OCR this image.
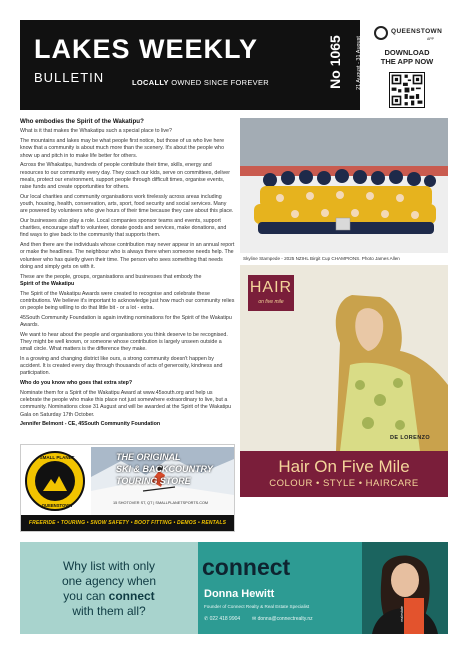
LAKES WEEKLY
BULLETIN	LOCALLY OWNED SINCE FOREVER	No 1065 21 August - 31 August
QUEENSTOWN
APP
DOWNLOAD
THE APP NOW

Who embodies the Spirit of the Wakatipu?

What is it that makes the Whakatipu such a special place to live?

The mountains and lakes may be what people first notice, but those of us who live here know that a community is about much more than the scenery. It's about the people who show up and pitch in to make life better for others.

Across the Whakatipu, hundreds of people contribute their time, skills, energy and resources to our community every day. They coach our kids, serve on committees, deliver meals, protect our environment, support people through difficult times, organise events, raise funds and create opportunities for others.

Our local charities and community organisations work tirelessly across areas including youth, housing, health, conservation, arts, sport, food security and social services. Many are powered by volunteers who give hours of their time because they care about this place.

Our businesses also play a role. Local companies sponsor teams and events, support charities, encourage staff to volunteer, donate goods and services, make donations, and find ways to give back to the community that supports them.

And then there are the individuals whose contribution may never appear in an annual report or make the headlines. The neighbour who is always there when someone needs help. The volunteer who has quietly given their time. The person who sees something that needs doing and simply gets on with it.

These are the people, groups, organisations and businesses that embody the
Spirit of the Wakatipu

The Spirit of the Wakatipu Awards were created to recognise and celebrate these contributions. We believe it's important to acknowledge just how much our community relies on people being willing to do that little bit - or a lot - extra.

45South Community Foundation is again inviting nominations for the Spirit of the Wakatipu Awards.

We want to hear about the people and organisations you think deserve to be recognised. They might be well known, or someone whose contribution is largely unseen outside a small circle. What matters is the difference they make.

In a growing and changing district like ours, a strong community doesn't happen by accident. It is created every day through thousands of acts of generosity, kindness and participation.

Who do you know who goes that extra step?

Nominate them for a Spirit of the Wakatipu Award at www.45south.org and help us celebrate the people who make this place not just somewhere extraordinary to live, but a community. Nominations close 31 August and will be awarded at the Spirit of the Wakatipu Gala on Saturday 17th October.

Jennifer Belmont - CE, 45South Community Foundation

Skyline Stampede - 2025 NZIHL Birgit Cup CHAMPIONS. Photo James Allen
HAIR
on five mile
DE LORENZO
Hair On Five Mile
COLOUR • STYLE • HAIRCARE
SMALL PLANET
QUEENSTOWN
THE ORIGINAL
SKI & BACKCOUNTRY
TOURING STORE
15 SHOTOVER ST, QT | SMALLPLANETSPORTS.COM
FREERIDE • TOURING • SNOW SAFETY • BOOT FITTING • DEMOS • RENTALS
Why list with only
one agency when
you can connect
with them all?
connect
Donna Hewitt
Founder of Connect Realty & Real Estate Specialist
✆ 022 418 9904 ✉ donna@connectrealty.nz	realestate
